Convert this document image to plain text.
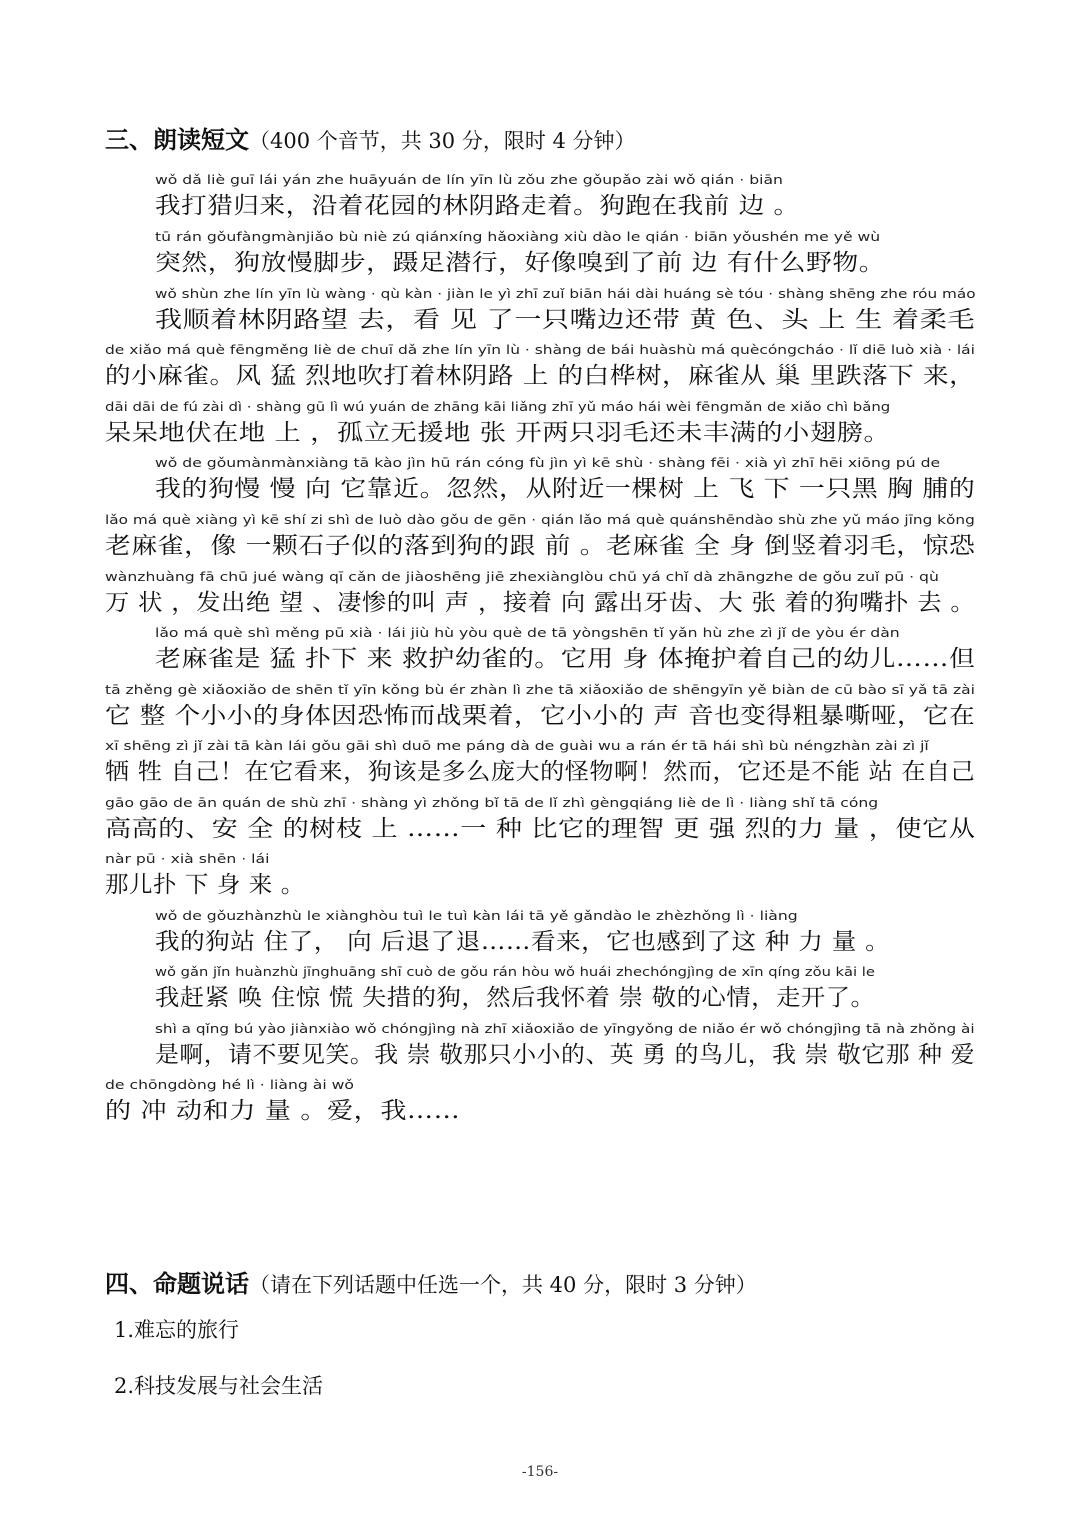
三、朗读短文（400 个音节，共 30 分，限时 4 分钟）
wǒ dǎ liè guī lái yán zhe huāyuán de lín yīn lù zǒu zhe gǒupǎo zài wǒ qián · biān
我打猎归来，沿着花园的林阴路走着。狗跑在我前 边 。
tū rán gǒufàngmànjiǎo bù niè zú qiánxíng hǎoxiàng xiù dào le qián · biān yǒushén me yě wù
突然，狗放慢脚步，蹑足潜行，好像嗅到了前 边 有什么野物。
wǒ shùn zhe lín yīn lù wàng · qù kàn · jiàn le yì zhī zuǐ biān hái dài huáng sè tóu · shàng shēng zhe róu máo
我顺着林阴路望 去，看 见 了一只嘴边还带 黄 色、头 上 生 着柔毛
de xiǎo má què fēngměng liè de chuī dǎ zhe lín yīn lù · shàng de bái huàshù má quècóngcháo · lǐ diē luò xià · lái
的小麻雀。风 猛 烈地吹打着林阴路 上 的白桦树，麻雀从 巢 里跌落下 来，
dāi dāi de fú zài dì · shàng gū lì wú yuán de zhāng kāi liǎng zhī yǔ máo hái wèi fēngmǎn de xiǎo chì bǎng
呆呆地伏在地 上 ，孤立无援地 张 开两只羽毛还未丰满的小翅膀。
wǒ de gǒumànmànxiàng tā kào jìn hū rán cóng fù jìn yì kē shù · shàng fēi · xià yì zhī hēi xiōng pú de
我的狗慢 慢 向 它靠近。忽然，从附近一棵树 上 飞 下 一只黑 胸 脯的
lǎo má què xiàng yì kē shí zi shì de luò dào gǒu de gēn · qián lǎo má què quánshēndào shù zhe yǔ máo jīng kǒng
老麻雀，像 一颗石子似的落到狗的跟 前 。老麻雀 全 身 倒竖着羽毛，惊恐
wànzhuàng fā chū jué wàng qī cǎn de jiàoshēng jiē zhexiànglòu chū yá chǐ dà zhāngzhe de gǒu zuǐ pū · qù
万 状 ，发出绝 望 、凄惨的叫 声 ，接着 向 露出牙齿、大 张 着的狗嘴扑 去 。
lǎo má què shì měng pū xià · lái jiù hù yòu què de tā yòngshēn tǐ yǎn hù zhe zì jǐ de yòu ér dàn
老麻雀是 猛 扑下 来 救护幼雀的。它用 身 体掩护着自己的幼儿……但
tā zhěng gè xiǎoxiǎo de shēn tǐ yīn kǒng bù ér zhàn lì zhe tā xiǎoxiǎo de shēngyīn yě biàn de cū bào sī yǎ tā zài
它 整 个小小的身体因恐怖而战栗着，它小小的 声 音也变得粗暴嘶哑，它在
xī shēng zì jǐ zài tā kàn lái gǒu gāi shì duō me páng dà de guài wu a rán ér tā hái shì bù néngzhàn zài zì jǐ
牺 牲 自己！在它看来，狗该是多么庞大的怪物啊！然而，它还是不能 站 在自己
gāo gāo de ān quán de shù zhī · shàng yì zhǒng bǐ tā de lǐ zhì gèngqiáng liè de lì · liàng shǐ tā cóng
高高的、安 全 的树枝 上 ……一 种 比它的理智 更 强 烈的力 量 ，使它从
nàr pū · xià shēn · lái
那儿扑 下 身 来 。
wǒ de gǒuzhànzhù le xiànghòu tuì le tuì kàn lái tā yě gǎndào le zhèzhǒng lì · liàng
我的狗站 住了， 向 后退了退……看来，它也感到了这 种 力 量 。
wǒ gǎn jǐn huànzhù jīnghuāng shī cuò de gǒu rán hòu wǒ huái zhechóngjìng de xīn qíng zǒu kāi le
我赶紧 唤 住惊 慌 失措的狗，然后我怀着 崇 敬的心情，走开了。
shì a qǐng bú yào jiànxiào wǒ chóngjìng nà zhī xiǎoxiǎo de yīngyǒng de niǎo ér wǒ chóngjìng tā nà zhǒng ài
是啊，请不要见笑。我 崇 敬那只小小的、英 勇 的鸟儿，我 崇 敬它那 种 爱
de chōngdòng hé lì · liàng ài wǒ
的 冲 动和力 量 。爱，我……
四、命题说话（请在下列话题中任选一个，共 40 分，限时 3 分钟）
1.难忘的旅行
2.科技发展与社会生活
-156-
